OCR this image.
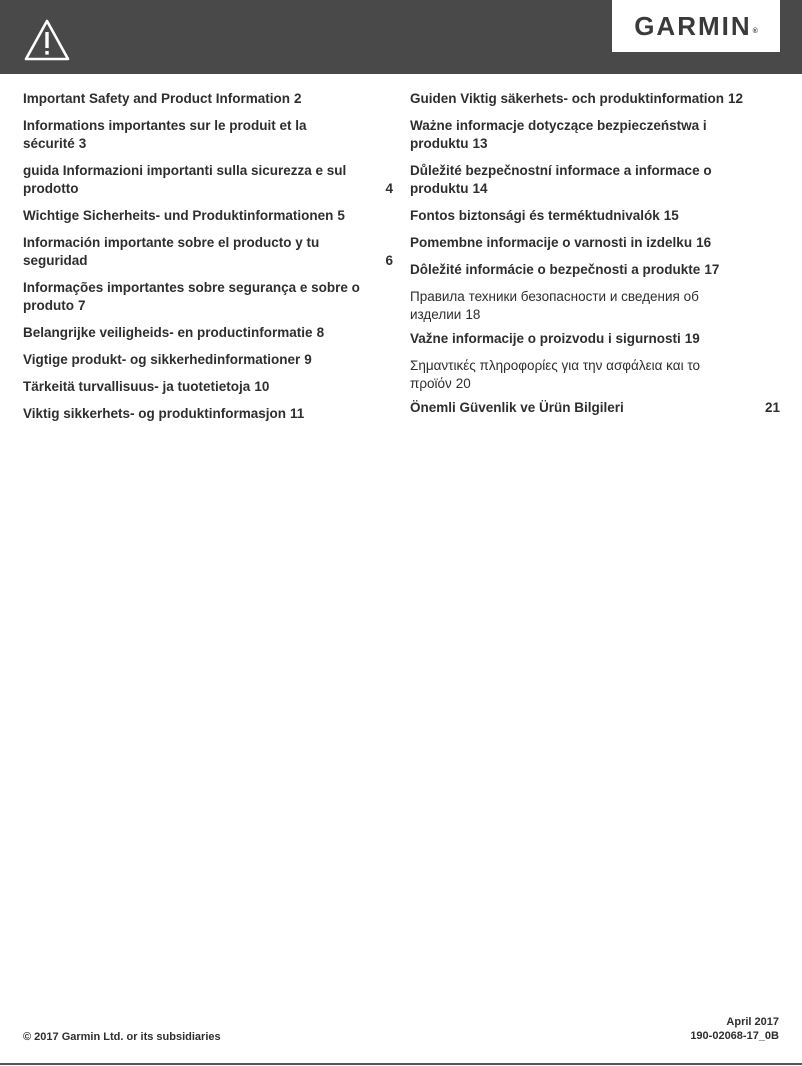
GARMIN®
Important Safety and Product Information 2
Informations importantes sur le produit et la sécurité 3
guida Informazioni importanti sulla sicurezza e sul prodotto	4
Wichtige Sicherheits- und Produktinformationen 5
Información importante sobre el producto y tu seguridad	6
Informações importantes sobre segurança e sobre o produto 7
Belangrijke veiligheids- en productinformatie 8
Vigtige produkt- og sikkerhedinformationer 9
Tärkeitä turvallisuus- ja tuotetietoja 10
Viktig sikkerhets- og produktinformasjon 11
Guiden Viktig säkerhets- och produktinformation 12
Ważne informacje dotyczące bezpieczeństwa i produktu 13
Důležité bezpečnostní informace a informace o produktu 14
Fontos biztonsági és terméktudnivalók 15
Pomembne informacije o varnosti in izdelku 16
Dôležité informácie o bezpečnosti a produkte 17
Правила техники безопасности и сведения об изделии 18
Važne informacije o proizvodu i sigurnosti 19
Σημαντικές πληροφορίες για την ασφάλεια και το προϊόν 20
Önemli Güvenlik ve Ürün Bilgileri	21
© 2017 Garmin Ltd. or its subsidiaries
April 2017
190-02068-17_0B
